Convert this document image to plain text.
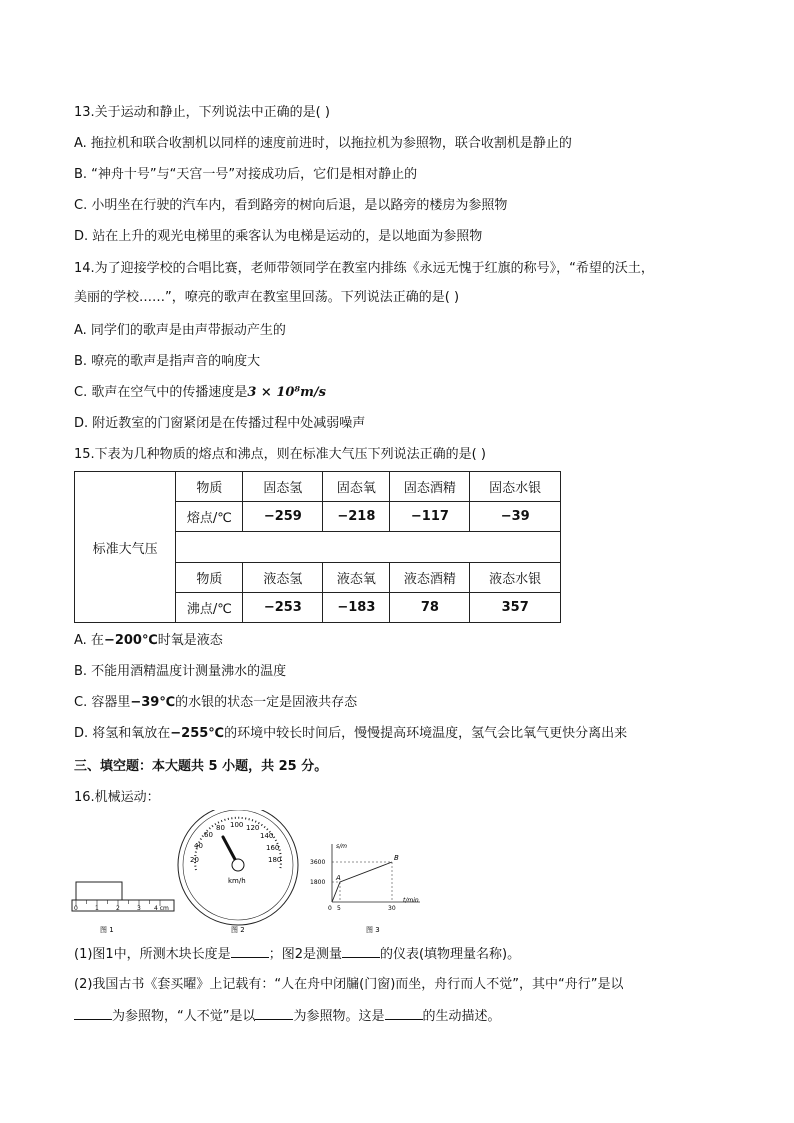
13.关于运动和静止，下列说法中正确的是( )
A. 拖拉机和联合收割机以同样的速度前进时，以拖拉机为参照物，联合收割机是静止的
B. “神舟十号”与“天宫一号”对接成功后，它们是相对静止的
C. 小明坐在行驶的汽车内，看到路旁的树向后退，是以路旁的楼房为参照物
D. 站在上升的观光电梯里的乘客认为电梯是运动的，是以地面为参照物
14.为了迎接学校的合唱比赛，老师带领同学在教室内排练《永远无愧于红旗的称号》，“希望的沃土，
美丽的学校……”，嘹亮的歌声在教室里回荡。下列说法正确的是( )
A. 同学们的歌声是由声带振动产生的
B. 嘹亮的歌声是指声音的响度大
C. 歌声在空气中的传播速度是3 × 10⁸m/s
D. 附近教室的门窗紧闭是在传播过程中处减弱噪声
15.下表为几种物质的熔点和沸点，则在标准大气压下列说法正确的是( )
标准大气压	物质	固态氢	固态氧	固态酒精	固态水银
	熔点/℃	−259	−218	−117	−39

	物质	液态氢	液态氧	液态酒精	液态水银
	沸点/℃	−253	−183	78	357
A. 在−200℃时氧是液态
B. 不能用酒精温度计测量沸水的温度
C. 容器里−39℃的水银的状态一定是固液共存态
D. 将氢和氧放在−255℃的环境中较长时间后，慢慢提高环境温度，氢气会比氧气更快分离出来
三、填空题：本大题共 5 小题，共 25 分。
16.机械运动：
0	1	2	3 4 cm
图 1
20
40
60
80 100 120
140
160
180
km/h
图 2
s/m
t/min
3600
1800
0 5	30
A
B
图 3
(1)图1中，所测木块长度是	；图2是测量	的仪表(填物理量名称)。
(2)我国古书《套买曜》上记载有：“人在舟中闭牖(门窗)而坐，舟行而人不觉”，其中“舟行”是以
为参照物，“人不觉”是以	为参照物。这是	的生动描述。
